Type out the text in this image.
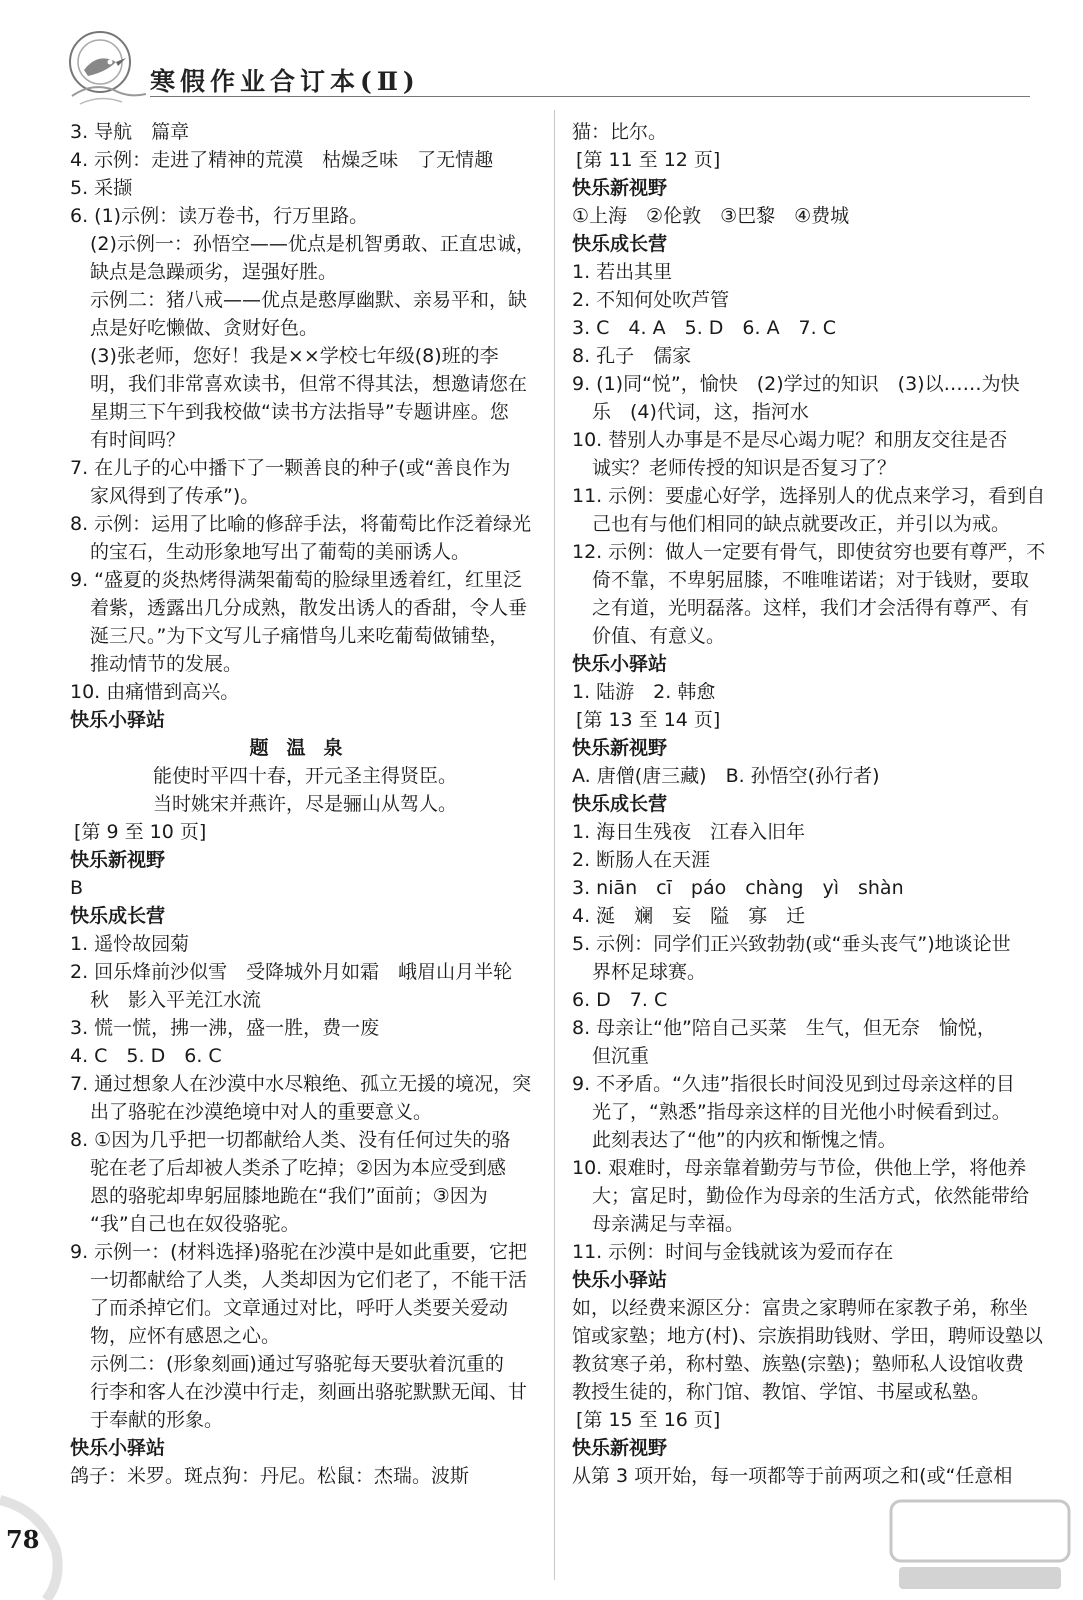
寒假作业合订本(Ⅱ)
3. 导航　篇章
4. 示例：走进了精神的荒漠　枯燥乏味　了无情趣
5. 采撷
6. (1)示例：读万卷书，行万里路。
(2)示例一：孙悟空——优点是机智勇敢、正直忠诚，
缺点是急躁顽劣，逞强好胜。
示例二：猪八戒——优点是憨厚幽默、亲易平和，缺
点是好吃懒做、贪财好色。
(3)张老师，您好！我是××学校七年级(8)班的李
明，我们非常喜欢读书，但常不得其法，想邀请您在
星期三下午到我校做“读书方法指导”专题讲座。您
有时间吗？
7. 在儿子的心中播下了一颗善良的种子(或“善良作为
家风得到了传承”)。
8. 示例：运用了比喻的修辞手法，将葡萄比作泛着绿光
的宝石，生动形象地写出了葡萄的美丽诱人。
9. “盛夏的炎热烤得满架葡萄的脸绿里透着红，红里泛
着紫，透露出几分成熟，散发出诱人的香甜，令人垂
涎三尺。”为下文写儿子痛惜鸟儿来吃葡萄做铺垫，
推动情节的发展。
10. 由痛惜到高兴。
快乐小驿站
题温泉
能使时平四十春，开元圣主得贤臣。
当时姚宋并燕许，尽是骊山从驾人。
[第 9 至 10 页]
快乐新视野
B
快乐成长营
1. 遥怜故园菊
2. 回乐烽前沙似雪　受降城外月如霜　峨眉山月半轮
秋　影入平羌江水流
3. 慌一慌，拂一沸，盛一胜，费一废
4. C　5. D　6. C
7. 通过想象人在沙漠中水尽粮绝、孤立无援的境况，突
出了骆驼在沙漠绝境中对人的重要意义。
8. ①因为几乎把一切都献给人类、没有任何过失的骆
驼在老了后却被人类杀了吃掉；②因为本应受到感
恩的骆驼却卑躬屈膝地跪在“我们”面前；③因为
“我”自己也在奴役骆驼。
9. 示例一：(材料选择)骆驼在沙漠中是如此重要，它把
一切都献给了人类，人类却因为它们老了，不能干活
了而杀掉它们。文章通过对比，呼吁人类要关爱动
物，应怀有感恩之心。
示例二：(形象刻画)通过写骆驼每天要驮着沉重的
行李和客人在沙漠中行走，刻画出骆驼默默无闻、甘
于奉献的形象。
快乐小驿站
鸽子：米罗。斑点狗：丹尼。松鼠：杰瑞。波斯
猫：比尔。
[第 11 至 12 页]
快乐新视野
①上海　②伦敦　③巴黎　④费城
快乐成长营
1. 若出其里
2. 不知何处吹芦管
3. C　4. A　5. D　6. A　7. C
8. 孔子　儒家
9. (1)同“悦”，愉快　(2)学过的知识　(3)以……为快
乐　(4)代词，这，指河水
10. 替别人办事是不是尽心竭力呢？和朋友交往是否
诚实？老师传授的知识是否复习了？
11. 示例：要虚心好学，选择别人的优点来学习，看到自
己也有与他们相同的缺点就要改正，并引以为戒。
12. 示例：做人一定要有骨气，即使贫穷也要有尊严，不
倚不靠，不卑躬屈膝，不唯唯诺诺；对于钱财，要取
之有道，光明磊落。这样，我们才会活得有尊严、有
价值、有意义。
快乐小驿站
1. 陆游　2. 韩愈
[第 13 至 14 页]
快乐新视野
A. 唐僧(唐三藏)　B. 孙悟空(孙行者)
快乐成长营
1. 海日生残夜　江春入旧年
2. 断肠人在天涯
3. niān　cī　páo　chàng　yì　shàn
4. 涎　斓　妄　隘　寡　迁
5. 示例：同学们正兴致勃勃(或“垂头丧气”)地谈论世
界杯足球赛。
6. D　7. C
8. 母亲让“他”陪自己买菜　生气，但无奈　愉悦，
但沉重
9. 不矛盾。“久违”指很长时间没见到过母亲这样的目
光了，“熟悉”指母亲这样的目光他小时候看到过。
此刻表达了“他”的内疚和惭愧之情。
10. 艰难时，母亲靠着勤劳与节俭，供他上学，将他养
大；富足时，勤俭作为母亲的生活方式，依然能带给
母亲满足与幸福。
11. 示例：时间与金钱就该为爱而存在
快乐小驿站
如，以经费来源区分：富贵之家聘师在家教子弟，称坐
馆或家塾；地方(村)、宗族捐助钱财、学田，聘师设塾以
教贫寒子弟，称村塾、族塾(宗塾)；塾师私人设馆收费
教授生徒的，称门馆、教馆、学馆、书屋或私塾。
[第 15 至 16 页]
快乐新视野
从第 3 项开始，每一项都等于前两项之和(或“任意相
78
